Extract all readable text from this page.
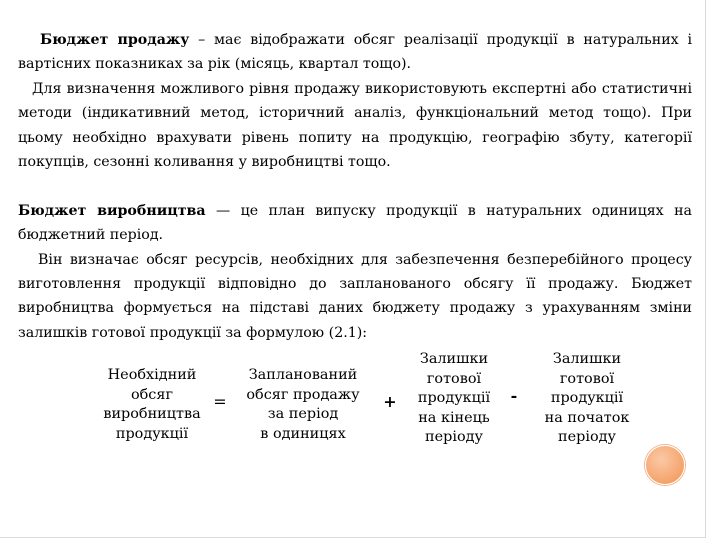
Бюджет продажу – має відображати обсяг реалізації продукції в натуральних і вартісних показниках за рік (місяць, квартал тощо).

Для визначення можливого рівня продажу використовують експертні або статистичні методи (індикативний метод, історичний аналіз, функціональний метод тощо). При цьому необхідно врахувати рівень попиту на продукцію, географію збуту, категорії покупців, сезонні коливання у виробництві тощо.

Бюджет виробництва — це план випуску продукції в натуральних одиницях на бюджетний період.

Він визначає обсяг ресурсів, необхідних для забезпечення безперебійного процесу виготовлення продукції відповідно до запланованого обсягу її продажу. Бюджет виробництва формується на підставі даних бюджету продажу з урахуванням зміни залишків готової продукції за формулою (2.1):

Необхідний
обсяг
виробництва
продукції
=
Запланований
обсяг продажу
за період
в одиницях
+
Залишки
готової
продукції
на кінець
періоду
-
Залишки
готової
продукції
на початок
періоду
